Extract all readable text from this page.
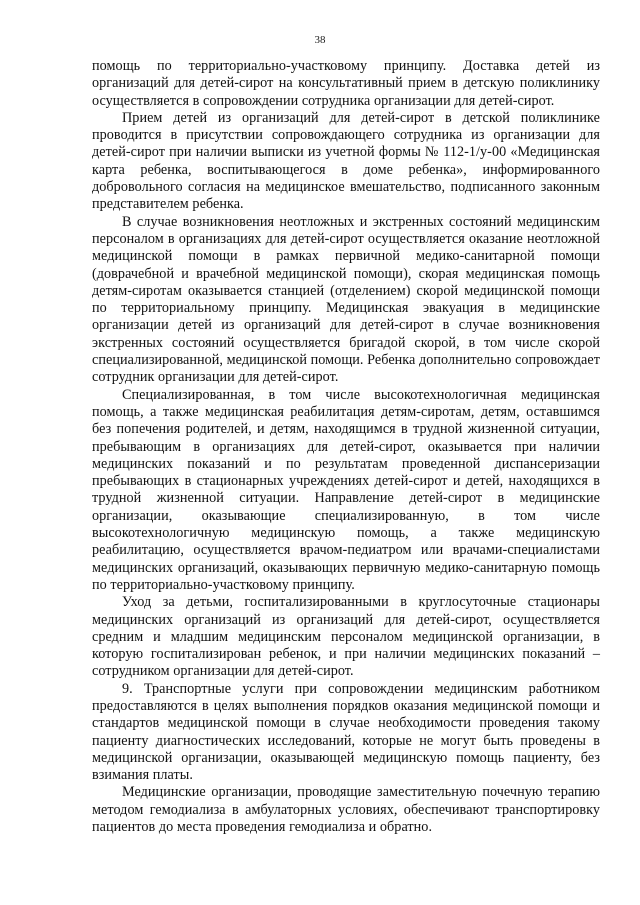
38

помощь по территориально-участковому принципу. Доставка детей из организаций для детей-сирот на консультативный прием в детскую поликлинику осуществляется в сопровождении сотрудника организации для детей-сирот.

Прием детей из организаций для детей-сирот в детской поликлинике проводится в присутствии сопровождающего сотрудника из организации для детей-сирот при наличии выписки из учетной формы № 112-1/у-00 «Медицинская карта ребенка, воспитывающегося в доме ребенка», информированного добровольного согласия на медицинское вмешательство, подписанного законным представителем ребенка.

В случае возникновения неотложных и экстренных состояний медицинским персоналом в организациях для детей-сирот осуществляется оказание неотложной медицинской помощи в рамках первичной медико-санитарной помощи (доврачебной и врачебной медицинской помощи), скорая медицинская помощь детям-сиротам оказывается станцией (отделением) скорой медицинской помощи по территориальному принципу. Медицинская эвакуация в медицинские организации детей из организаций для детей-сирот в случае возникновения экстренных состояний осуществляется бригадой скорой, в том числе скорой специализированной, медицинской помощи. Ребенка дополнительно сопровождает сотрудник организации для детей-сирот.

Специализированная, в том числе высокотехнологичная медицинская помощь, а также медицинская реабилитация детям-сиротам, детям, оставшимся без попечения родителей, и детям, находящимся в трудной жизненной ситуации, пребывающим в организациях для детей-сирот, оказывается при наличии медицинских показаний и по результатам проведенной диспансеризации пребывающих в стационарных учреждениях детей-сирот и детей, находящихся в трудной жизненной ситуации. Направление детей-сирот в медицинские организации, оказывающие специализированную, в том числе высокотехнологичную медицинскую помощь, а также медицинскую реабилитацию, осуществляется врачом-педиатром или врачами-специалистами медицинских организаций, оказывающих первичную медико-санитарную помощь по территориально-участковому принципу.

Уход за детьми, госпитализированными в круглосуточные стационары медицинских организаций из организаций для детей-сирот, осуществляется средним и младшим медицинским персоналом медицинской организации, в которую госпитализирован ребенок, и при наличии медицинских показаний – сотрудником организации для детей-сирот.

9. Транспортные услуги при сопровождении медицинским работником предоставляются в целях выполнения порядков оказания медицинской помощи и стандартов медицинской помощи в случае необходимости проведения такому пациенту диагностических исследований, которые не могут быть проведены в медицинской организации, оказывающей медицинскую помощь пациенту, без взимания платы.

Медицинские организации, проводящие заместительную почечную терапию методом гемодиализа в амбулаторных условиях, обеспечивают транспортировку пациентов до места проведения гемодиализа и обратно.
